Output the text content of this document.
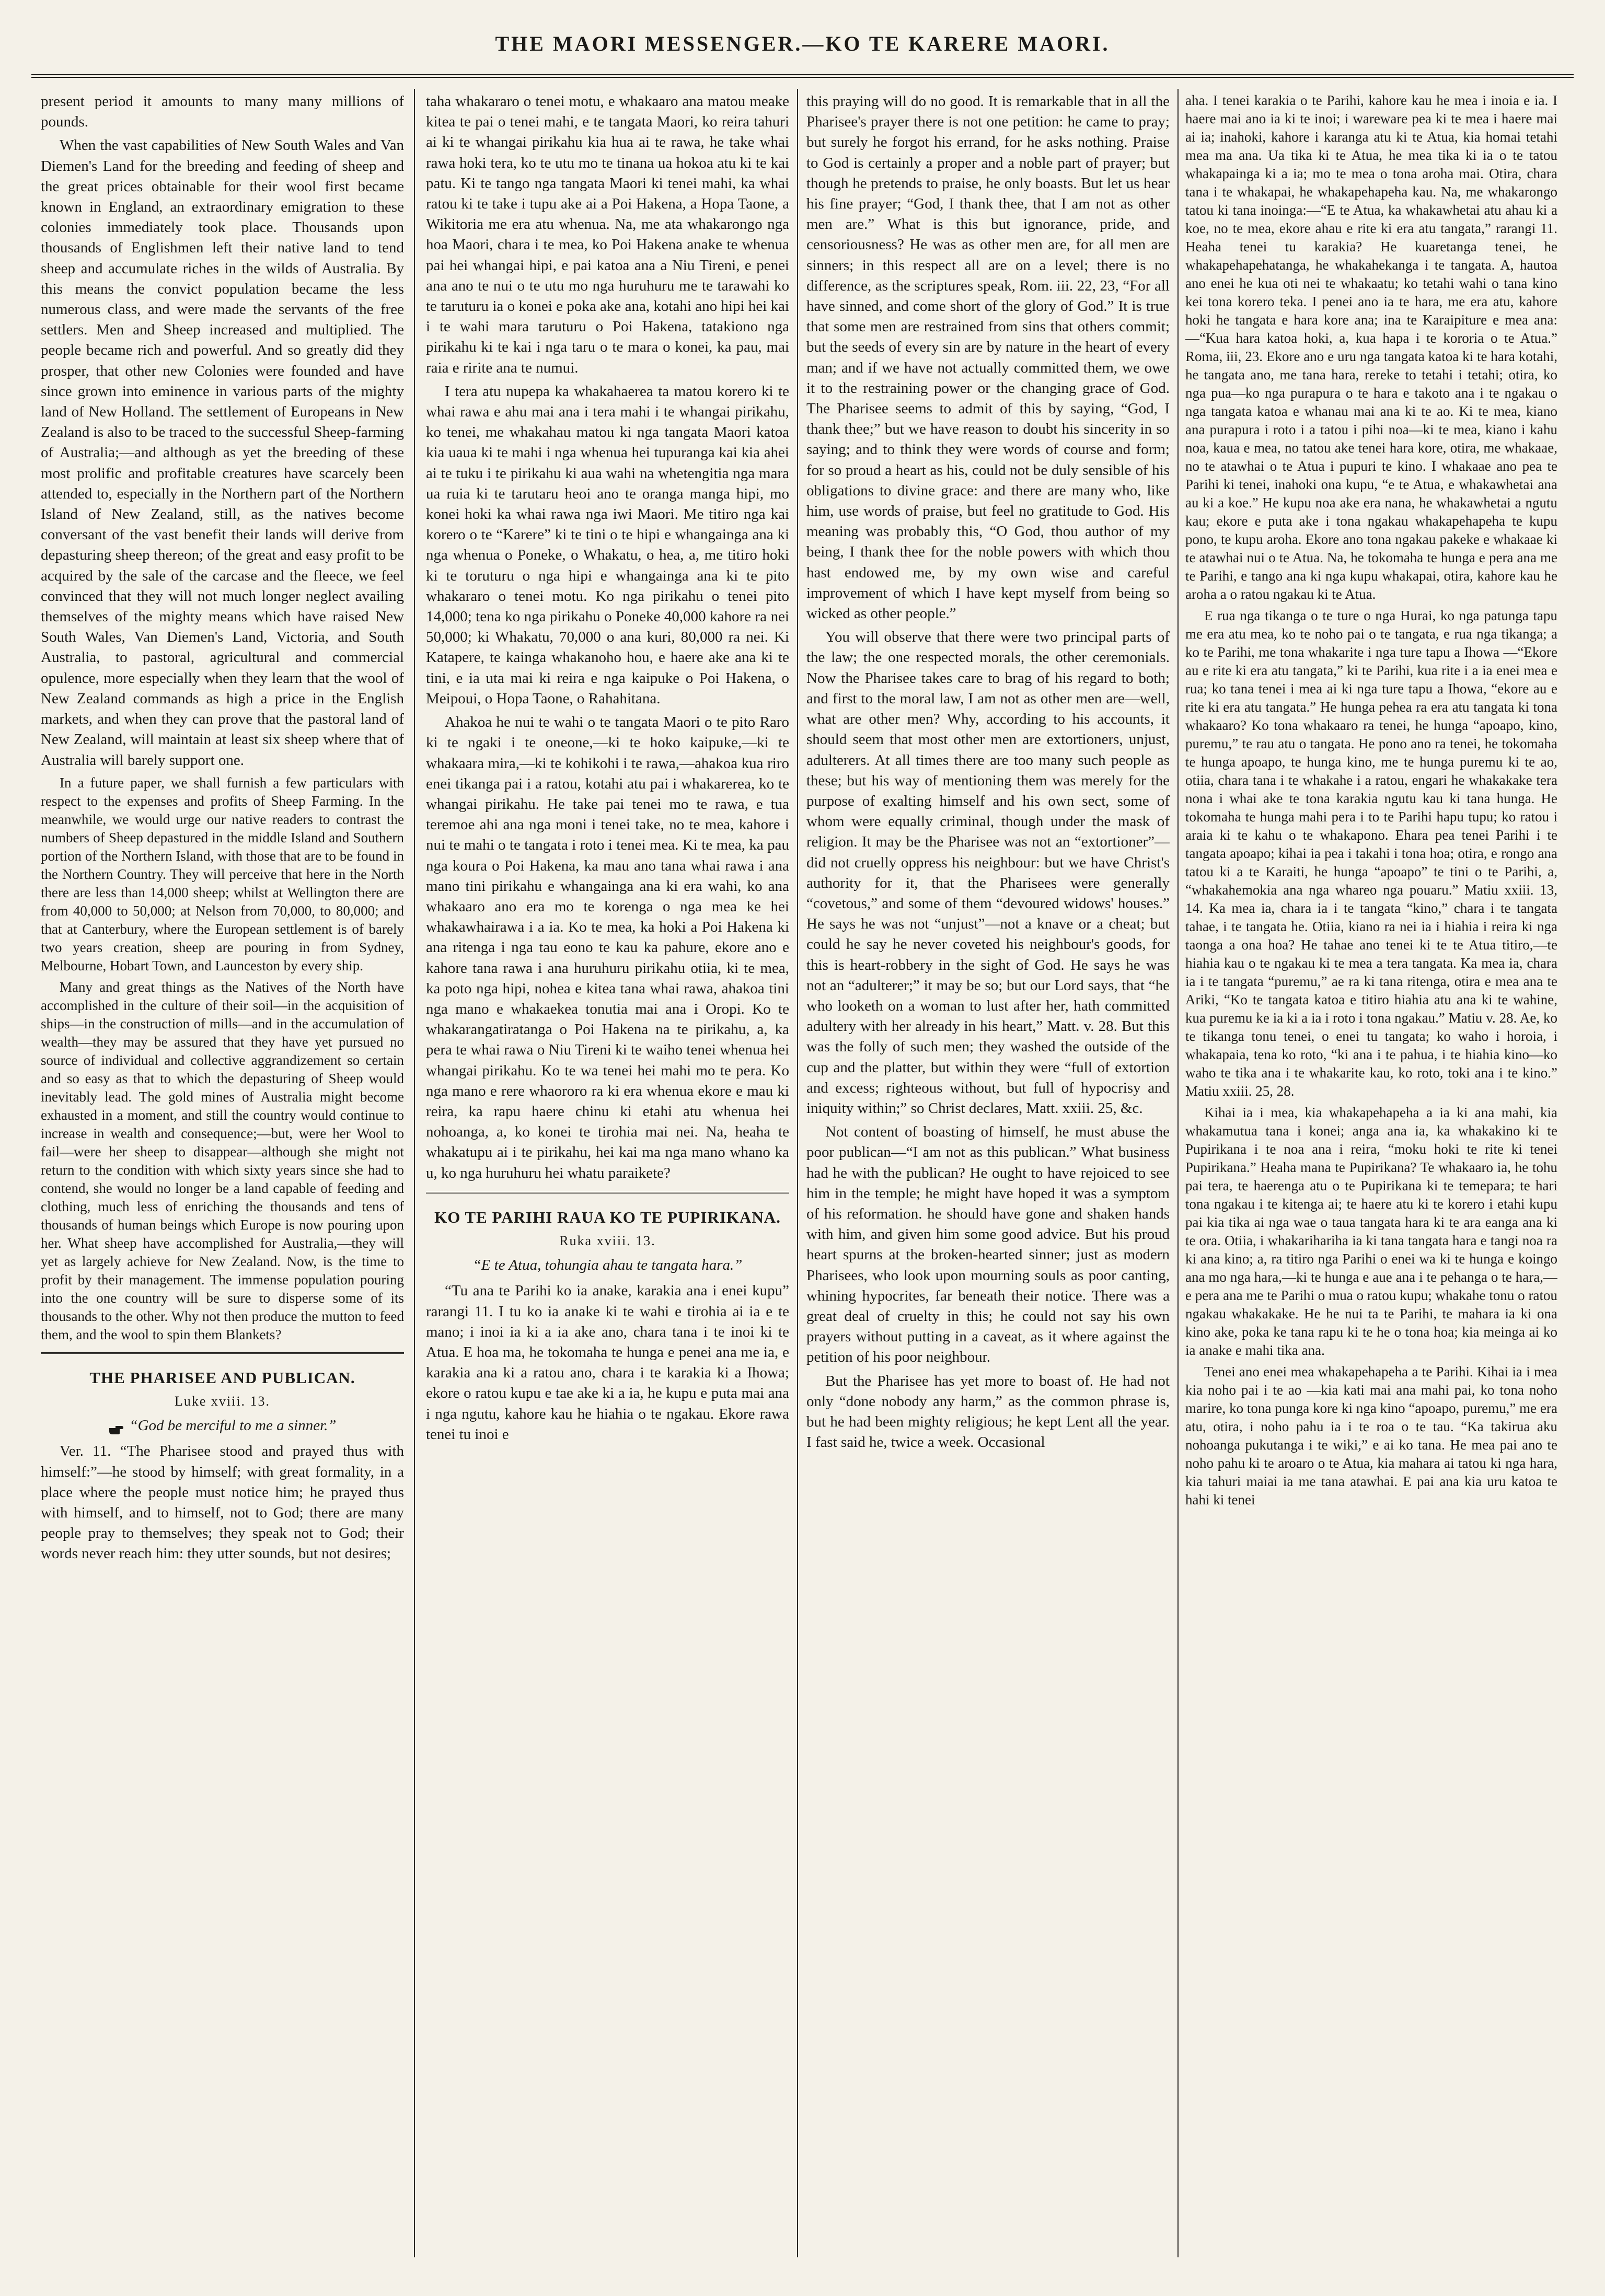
THE MAORI MESSENGER.—KO TE KARERE MAORI.

present period it amounts to many many millions of pounds.

When the vast capabilities of New South Wales and Van Diemen's Land for the breeding and feeding of sheep and the great prices obtainable for their wool first became known in England, an extraordinary emigration to these colonies immediately took place. Thousands upon thousands of Englishmen left their native land to tend sheep and accumulate riches in the wilds of Australia. By this means the convict population became the less numerous class, and were made the servants of the free settlers. Men and Sheep increased and multiplied. The people became rich and powerful. And so greatly did they prosper, that other new Colonies were founded and have since grown into eminence in various parts of the mighty land of New Holland. The settlement of Europeans in New Zealand is also to be traced to the successful Sheep-farming of Australia;—and although as yet the breeding of these most prolific and profitable creatures have scarcely been attended to, especially in the Northern part of the Northern Island of New Zealand, still, as the natives become conversant of the vast benefit their lands will derive from depasturing sheep thereon; of the great and easy profit to be acquired by the sale of the carcase and the fleece, we feel convinced that they will not much longer neglect availing themselves of the mighty means which have raised New South Wales, Van Diemen's Land, Victoria, and South Australia, to pastoral, agricultural and commercial opulence, more especially when they learn that the wool of New Zealand commands as high a price in the English markets, and when they can prove that the pastoral land of New Zealand, will maintain at least six sheep where that of Australia will barely support one.

In a future paper, we shall furnish a few particulars with respect to the expenses and profits of Sheep Farming. In the meanwhile, we would urge our native readers to contrast the numbers of Sheep depastured in the middle Island and Southern portion of the Northern Island, with those that are to be found in the Northern Country. They will perceive that here in the North there are less than 14,000 sheep; whilst at Wellington there are from 40,000 to 50,000; at Nelson from 70,000, to 80,000; and that at Canterbury, where the European settlement is of barely two years creation, sheep are pouring in from Sydney, Melbourne, Hobart Town, and Launceston by every ship.

Many and great things as the Natives of the North have accomplished in the culture of their soil—in the acquisition of ships—in the construction of mills—and in the accumulation of wealth—they may be assured that they have yet pursued no source of individual and collective aggrandizement so certain and so easy as that to which the depasturing of Sheep would inevitably lead. The gold mines of Australia might become exhausted in a moment, and still the country would continue to increase in wealth and consequence;—but, were her Wool to fail—were her sheep to disappear—although she might not return to the condition with which sixty years since she had to contend, she would no longer be a land capable of feeding and clothing, much less of enriching the thousands and tens of thousands of human beings which Europe is now pouring upon her. What sheep have accomplished for Australia,—they will yet as largely achieve for New Zealand. Now, is the time to profit by their management. The immense population pouring into the one country will be sure to disperse some of its thousands to the other. Why not then produce the mutton to feed them, and the wool to spin them Blankets?

THE PHARISEE AND PUBLICAN.

Luke xviii. 13.

“God be merciful to me a sinner.”

Ver. 11. “The Pharisee stood and prayed thus with himself:”—he stood by himself; with great formality, in a place where the people must notice him; he prayed thus with himself, and to himself, not to God; there are many people pray to themselves; they speak not to God; their words never reach him: they utter sounds, but not desires;

taha whakararo o tenei motu, e whakaaro ana matou meake kitea te pai o tenei mahi, e te tangata Maori, ko reira tahuri ai ki te whangai pirikahu kia hua ai te rawa, he take whai rawa hoki tera, ko te utu mo te tinana ua hokoa atu ki te kai patu. Ki te tango nga tangata Maori ki tenei mahi, ka whai ratou ki te take i tupu ake ai a Poi Hakena, a Hopa Taone, a Wikitoria me era atu whenua. Na, me ata whakarongo nga hoa Maori, chara i te mea, ko Poi Hakena anake te whenua pai hei whangai hipi, e pai katoa ana a Niu Tireni, e penei ana ano te nui o te utu mo nga huruhuru me te tarawahi ko te taruturu ia o konei e poka ake ana, kotahi ano hipi hei kai i te wahi mara taruturu o Poi Hakena, tatakiono nga pirikahu ki te kai i nga taru o te mara o konei, ka pau, mai raia e ririte ana te numui.

I tera atu nupepa ka whakahaerea ta matou korero ki te whai rawa e ahu mai ana i tera mahi i te whangai pirikahu, ko tenei, me whakahau matou ki nga tangata Maori katoa kia uaua ki te mahi i nga whenua hei tupuranga kai kia ahei ai te tuku i te pirikahu ki aua wahi na whetengitia nga mara ua ruia ki te tarutaru heoi ano te oranga manga hipi, mo konei hoki ka whai rawa nga iwi Maori. Me titiro nga kai korero o te “Karere” ki te tini o te hipi e whangainga ana ki nga whenua o Poneke, o Whakatu, o hea, a, me titiro hoki ki te toruturu o nga hipi e whangainga ana ki te pito whakararo o tenei motu. Ko nga pirikahu o tenei pito 14,000; tena ko nga pirikahu o Poneke 40,000 kahore ra nei 50,000; ki Whakatu, 70,000 o ana kuri, 80,000 ra nei. Ki Katapere, te kainga whakanoho hou, e haere ake ana ki te tini, e ia uta mai ki reira e nga kaipuke o Poi Hakena, o Meipoui, o Hopa Taone, o Rahahitana.

Ahakoa he nui te wahi o te tangata Maori o te pito Raro ki te ngaki i te oneone,—ki te hoko kaipuke,—ki te whakaara mira,—ki te kohikohi i te rawa,—ahakoa kua riro enei tikanga pai i a ratou, kotahi atu pai i whakarerea, ko te whangai pirikahu. He take pai tenei mo te rawa, e tua teremoe ahi ana nga moni i tenei take, no te mea, kahore i nui te mahi o te tangata i roto i tenei mea. Ki te mea, ka pau nga koura o Poi Hakena, ka mau ano tana whai rawa i ana mano tini pirikahu e whangainga ana ki era wahi, ko ana whakaaro ano era mo te korenga o nga mea ke hei whakawhairawa i a ia. Ko te mea, ka hoki a Poi Hakena ki ana ritenga i nga tau eono te kau ka pahure, ekore ano e kahore tana rawa i ana huruhuru pirikahu otiia, ki te mea, ka poto nga hipi, nohea e kitea tana whai rawa, ahakoa tini nga mano e whakaekea tonutia mai ana i Oropi. Ko te whakarangatiratanga o Poi Hakena na te pirikahu, a, ka pera te whai rawa o Niu Tireni ki te waiho tenei whenua hei whangai pirikahu. Ko te wa tenei hei mahi mo te pera. Ko nga mano e rere whaororo ra ki era whenua ekore e mau ki reira, ka rapu haere chinu ki etahi atu whenua hei nohoanga, a, ko konei te tirohia mai nei. Na, heaha te whakatupu ai i te pirikahu, hei kai ma nga mano whano ka u, ko nga huruhuru hei whatu paraikete?

KO TE PARIHI RAUA KO TE PUPIRIKANA.

Ruka xviii. 13.

“E te Atua, tohungia ahau te tangata hara.”

“Tu ana te Parihi ko ia anake, karakia ana i enei kupu” rarangi 11. I tu ko ia anake ki te wahi e tirohia ai ia e te mano; i inoi ia ki a ia ake ano, chara tana i te inoi ki te Atua. E hoa ma, he tokomaha te hunga e penei ana me ia, e karakia ana ki a ratou ano, chara i te karakia ki a Ihowa; ekore o ratou kupu e tae ake ki a ia, he kupu e puta mai ana i nga ngutu, kahore kau he hiahia o te ngakau. Ekore rawa tenei tu inoi e

this praying will do no good. It is remarkable that in all the Pharisee's prayer there is not one petition: he came to pray; but surely he forgot his errand, for he asks nothing. Praise to God is certainly a proper and a noble part of prayer; but though he pretends to praise, he only boasts. But let us hear his fine prayer; “God, I thank thee, that I am not as other men are.” What is this but ignorance, pride, and censoriousness? He was as other men are, for all men are sinners; in this respect all are on a level; there is no difference, as the scriptures speak, Rom. iii. 22, 23, “For all have sinned, and come short of the glory of God.” It is true that some men are restrained from sins that others commit; but the seeds of every sin are by nature in the heart of every man; and if we have not actually committed them, we owe it to the restraining power or the changing grace of God. The Pharisee seems to admit of this by saying, “God, I thank thee;” but we have reason to doubt his sincerity in so saying; and to think they were words of course and form; for so proud a heart as his, could not be duly sensible of his obligations to divine grace: and there are many who, like him, use words of praise, but feel no gratitude to God. His meaning was probably this, “O God, thou author of my being, I thank thee for the noble powers with which thou hast endowed me, by my own wise and careful improvement of which I have kept myself from being so wicked as other people.”

You will observe that there were two principal parts of the law; the one respected morals, the other ceremonials. Now the Pharisee takes care to brag of his regard to both; and first to the moral law, I am not as other men are—well, what are other men? Why, according to his accounts, it should seem that most other men are extortioners, unjust, adulterers. At all times there are too many such people as these; but his way of mentioning them was merely for the purpose of exalting himself and his own sect, some of whom were equally criminal, though under the mask of religion. It may be the Pharisee was not an “extortioner”—did not cruelly oppress his neighbour: but we have Christ's authority for it, that the Pharisees were generally “covetous,” and some of them “devoured widows' houses.” He says he was not “unjust”—not a knave or a cheat; but could he say he never coveted his neighbour's goods, for this is heart-robbery in the sight of God. He says he was not an “adulterer;” it may be so; but our Lord says, that “he who looketh on a woman to lust after her, hath committed adultery with her already in his heart,” Matt. v. 28. But this was the folly of such men; they washed the outside of the cup and the platter, but within they were “full of extortion and excess; righteous without, but full of hypocrisy and iniquity within;” so Christ declares, Matt. xxiii. 25, &c.

Not content of boasting of himself, he must abuse the poor publican—“I am not as this publican.” What business had he with the publican? He ought to have rejoiced to see him in the temple; he might have hoped it was a symptom of his reformation. he should have gone and shaken hands with him, and given him some good advice. But his proud heart spurns at the broken-hearted sinner; just as modern Pharisees, who look upon mourning souls as poor canting, whining hypocrites, far beneath their notice. There was a great deal of cruelty in this; he could not say his own prayers without putting in a caveat, as it where against the petition of his poor neighbour.

But the Pharisee has yet more to boast of. He had not only “done nobody any harm,” as the common phrase is, but he had been mighty religious; he kept Lent all the year. I fast said he, twice a week. Occasional

aha. I tenei karakia o te Parihi, kahore kau he mea i inoia e ia. I haere mai ano ia ki te inoi; i wareware pea ki te mea i haere mai ai ia; inahoki, kahore i karanga atu ki te Atua, kia homai tetahi mea ma ana. Ua tika ki te Atua, he mea tika ki ia o te tatou whakapainga ki a ia; mo te mea o tona aroha mai. Otira, chara tana i te whakapai, he whakapehapeha kau. Na, me whakarongo tatou ki tana inoinga:—“E te Atua, ka whakawhetai atu ahau ki a koe, no te mea, ekore ahau e rite ki era atu tangata,” rarangi 11. Heaha tenei tu karakia? He kuaretanga tenei, he whakapehapehatanga, he whakahekanga i te tangata. A, hautoa ano enei he kua oti nei te whakaatu; ko tetahi wahi o tana kino kei tona korero teka. I penei ano ia te hara, me era atu, kahore hoki he tangata e hara kore ana; ina te Karaipiture e mea ana:—“Kua hara katoa hoki, a, kua hapa i te kororia o te Atua.” Roma, iii, 23. Ekore ano e uru nga tangata katoa ki te hara kotahi, he tangata ano, me tana hara, rereke to tetahi i tetahi; otira, ko nga pua—ko nga purapura o te hara e takoto ana i te ngakau o nga tangata katoa e whanau mai ana ki te ao. Ki te mea, kiano ana purapura i roto i a tatou i pihi noa—ki te mea, kiano i kahu noa, kaua e mea, no tatou ake tenei hara kore, otira, me whakaae, no te atawhai o te Atua i pupuri te kino. I whakaae ano pea te Parihi ki tenei, inahoki ona kupu, “e te Atua, e whakawhetai ana au ki a koe.” He kupu noa ake era nana, he whakawhetai a ngutu kau; ekore e puta ake i tona ngakau whakapehapeha te kupu pono, te kupu aroha. Ekore ano tona ngakau pakeke e whakaae ki te atawhai nui o te Atua. Na, he tokomaha te hunga e pera ana me te Parihi, e tango ana ki nga kupu whakapai, otira, kahore kau he aroha a o ratou ngakau ki te Atua.

E rua nga tikanga o te ture o nga Hurai, ko nga patunga tapu me era atu mea, ko te noho pai o te tangata, e rua nga tikanga; a ko te Parihi, me tona whakarite i nga ture tapu a Ihowa —“Ekore au e rite ki era atu tangata,” ki te Parihi, kua rite i a ia enei mea e rua; ko tana tenei i mea ai ki nga ture tapu a Ihowa, “ekore au e rite ki era atu tangata.” He hunga pehea ra era atu tangata ki tona whakaaro? Ko tona whakaaro ra tenei, he hunga “apoapo, kino, puremu,” te rau atu o tangata. He pono ano ra tenei, he tokomaha te hunga apoapo, te hunga kino, me te hunga puremu ki te ao, otiia, chara tana i te whakahe i a ratou, engari he whakakake tera nona i whai ake te tona karakia ngutu kau ki tana hunga. He tokomaha te hunga mahi pera i to te Parihi hapu tupu; ko ratou i araia ki te kahu o te whakapono. Ehara pea tenei Parihi i te tangata apoapo; kihai ia pea i takahi i tona hoa; otira, e rongo ana tatou ki a te Karaiti, he hunga “apoapo” te tini o te Parihi, a, “whakahemokia ana nga whareo nga pouaru.” Matiu xxiii. 13, 14. Ka mea ia, chara ia i te tangata “kino,” chara i te tangata tahae, i te tangata he. Otiia, kiano ra nei ia i hiahia i reira ki nga taonga a ona hoa? He tahae ano tenei ki te te Atua titiro,—te hiahia kau o te ngakau ki te mea a tera tangata. Ka mea ia, chara ia i te tangata “puremu,” ae ra ki tana ritenga, otira e mea ana te Ariki, “Ko te tangata katoa e titiro hiahia atu ana ki te wahine, kua puremu ke ia ki a ia i roto i tona ngakau.” Matiu v. 28. Ae, ko te tikanga tonu tenei, o enei tu tangata; ko waho i horoia, i whakapaia, tena ko roto, “ki ana i te pahua, i te hiahia kino—ko waho te tika ana i te whakarite kau, ko roto, toki ana i te kino.” Matiu xxiii. 25, 28.

Kihai ia i mea, kia whakapehapeha a ia ki ana mahi, kia whakamutua tana i konei; anga ana ia, ka whakakino ki te Pupirikana i te noa ana i reira, “moku hoki te rite ki tenei Pupirikana.” Heaha mana te Pupirikana? Te whakaaro ia, he tohu pai tera, te haerenga atu o te Pupirikana ki te temepara; te hari tona ngakau i te kitenga ai; te haere atu ki te korero i etahi kupu pai kia tika ai nga wae o taua tangata hara ki te ara eanga ana ki te ora. Otiia, i whakarihariha ia ki tana tangata hara e tangi noa ra ki ana kino; a, ra titiro nga Parihi o enei wa ki te hunga e koingo ana mo nga hara,—ki te hunga e aue ana i te pehanga o te hara,—e pera ana me te Parihi o mua o ratou kupu; whakahe tonu o ratou ngakau whakakake. He he nui ta te Parihi, te mahara ia ki ona kino ake, poka ke tana rapu ki te he o tona hoa; kia meinga ai ko ia anake e mahi tika ana.

Tenei ano enei mea whakapehapeha a te Parihi. Kihai ia i mea kia noho pai i te ao —kia kati mai ana mahi pai, ko tona noho marire, ko tona punga kore ki nga kino “apoapo, puremu,” me era atu, otira, i noho pahu ia i te roa o te tau. “Ka takirua aku nohoanga pukutanga i te wiki,” e ai ko tana. He mea pai ano te noho pahu ki te aroaro o te Atua, kia mahara ai tatou ki nga hara, kia tahuri maiai ia me tana atawhai. E pai ana kia uru katoa te hahi ki tenei
